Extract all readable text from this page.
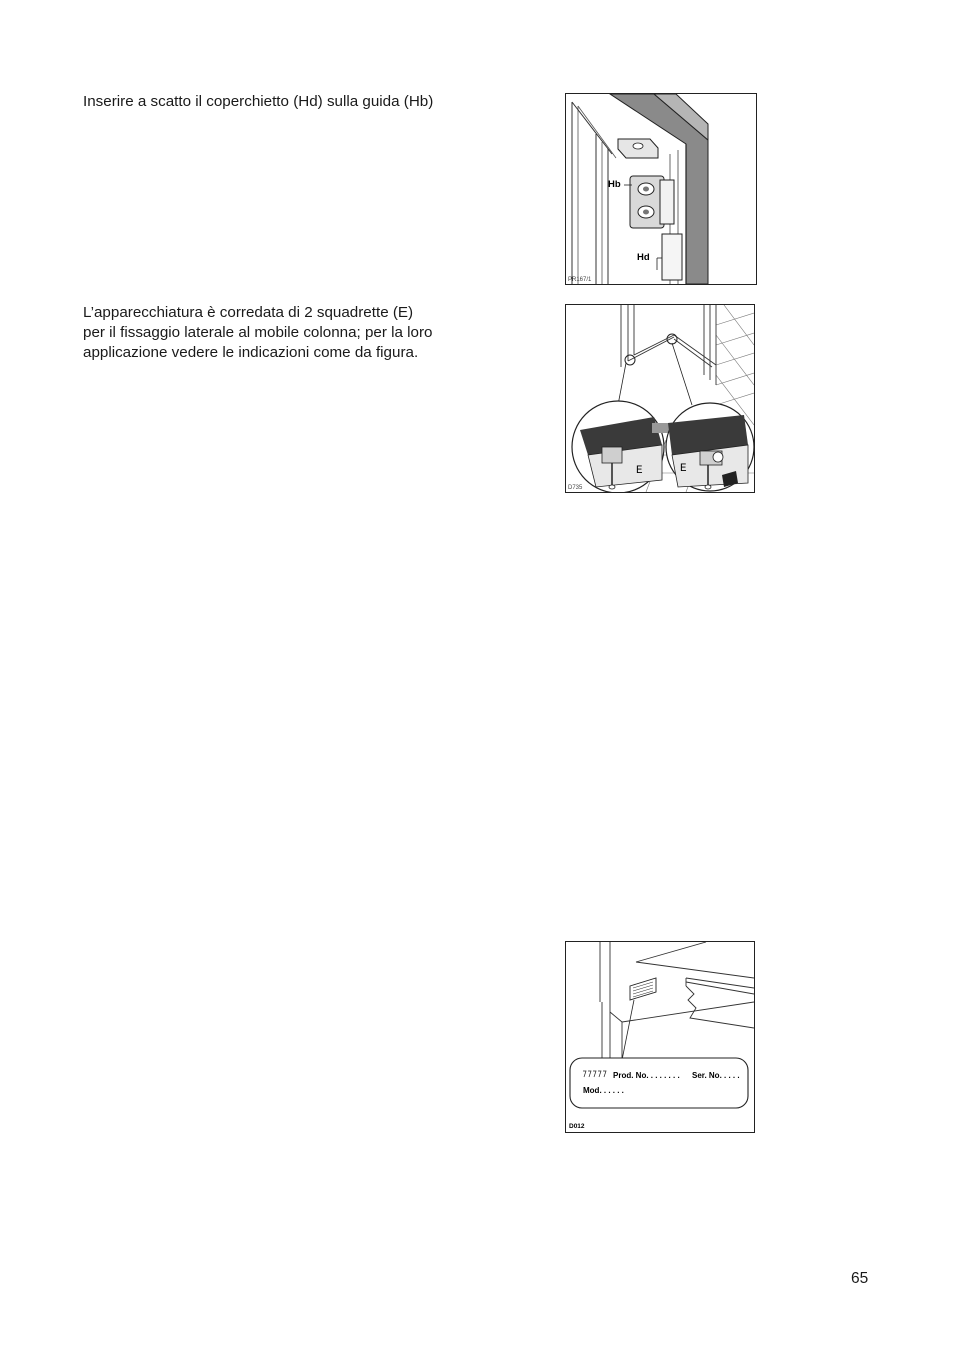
Inserire a scatto il coperchietto (Hd) sulla guida (Hb)

L’apparecchiatura è corredata di 2 squadrette (E)
per il fissaggio laterale al mobile colonna; per la loro
applicazione vedere le indicazioni come da figura.

Hb
Hd
PR167/1
E	E
D735
Prod. No. . . . . . . . Ser. No. . . . .
Mod. . . . . .
D012
65
